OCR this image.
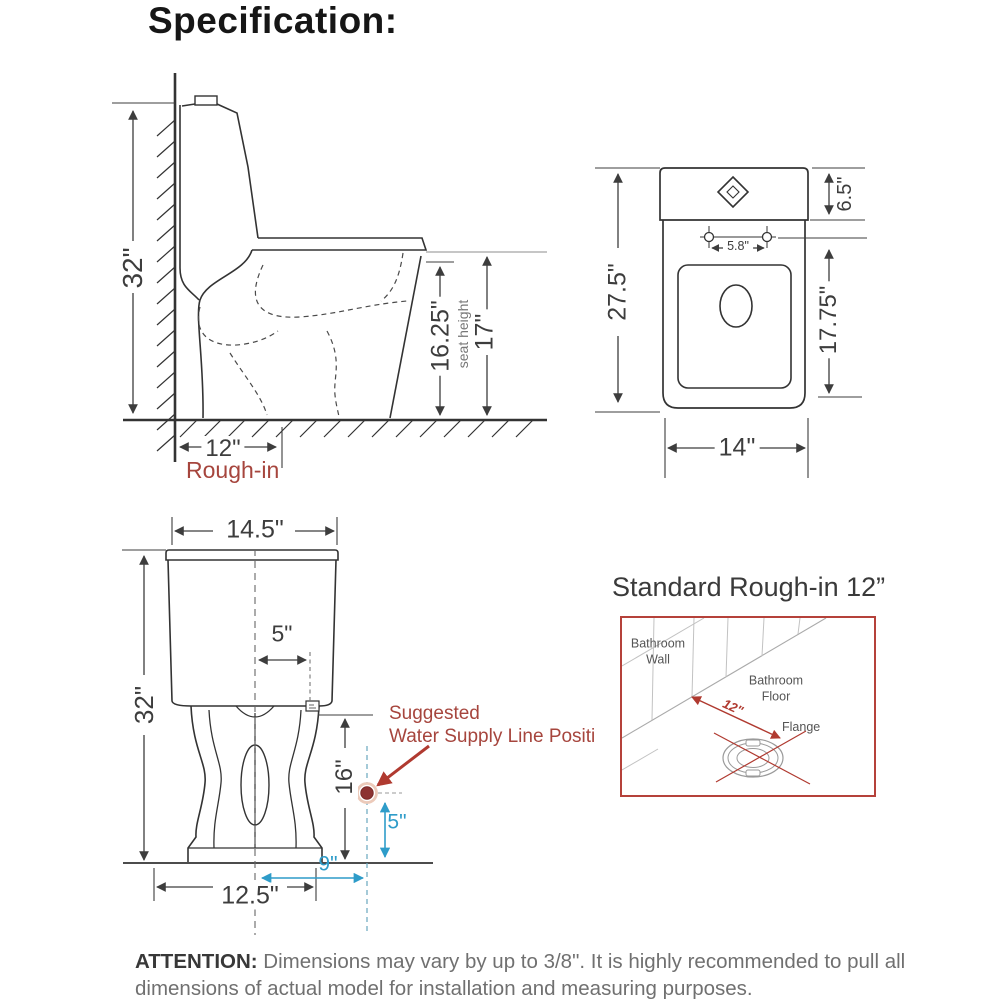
Specification:
32"
16.25" seat height 17"
12"
Rough-in
27.5"
6.5"
5.8"
17.75"
14"
14.5"
32"
5"
16"
Suggested
Water Supply Line Positi
5"
9"
12.5"
Standard Rough-in 12”
Bathroom Wall
Bathroom Floor
Flange
12"
ATTENTION: Dimensions may vary by up to 3/8". It is highly recommended to pull all dimensions of actual model for installation and measuring purposes.
